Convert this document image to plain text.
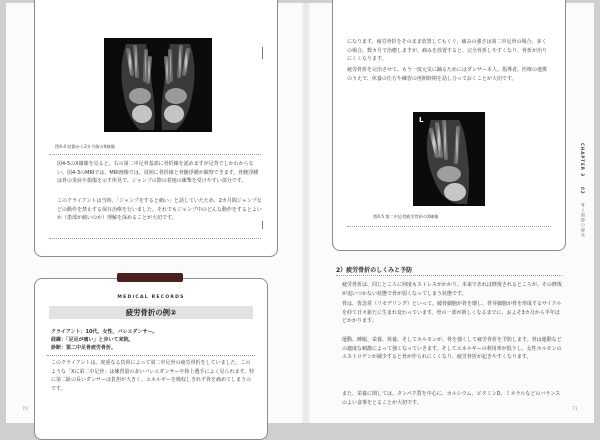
図4-4 結節から2カ月後のX線像

図4-5のX線像を見ると、右の第二中足骨基部に骨折線を認めますが足背でしかわからない。図4-3のMRIでは、MRI画像では、周囲に骨折線と骨髄浮腫が観察できます。骨髄浮腫は骨の炎症や損傷を示す所見で、ジャンプの際の着地の衝撃を受けやすい部分です。

このクライアントは当時、「ジャンプをすると痛い」と話していたため、2カ月間ジャンプなどの動作を禁止する保存治療を行いました。それでもジャンプ中のどんな動作をするとよいか（患部が痛いのか）理解を深めることが大切です。

MEDICAL RECORDS
疲労骨折の例②
クライアント：10代、女性、バレエダンサー。
経緯：「足足が痛い」と歩いて来院。
診断：第二中足骨疲労骨折。

このクライアントは、度重なる負荷によって第二中足骨の疲労骨折をしていました。このような「Xに第二中足骨」は練習量の多いバレエダンサーや陸上選手によく見られます。特に第二趾の長いダンサーは負担が大きく、エネルギーを吸収しきれず骨を痛めてしまうのです。

70

になります。疲労骨折をそのまま放置してもくぐ、痛みの強さは第二中足骨の場合、多くの場合、数カ月で治癒しますが、痛みを放置すると、完全骨折しやすくなり、骨折が治りにくくなります。

疲労骨折を完治させて、もう一度元気に踊るためにはダンサー本人、指導者、医療の連携のうえで、休養の仕方や練習の再開時期を話し合っておくことが大切です。

L
図4-5 第二中足骨疲労骨折のX線像
2）疲労骨折のしくみと予防

疲労骨折は、同じところに何度もストレスがかかり、本来であれば修復されるところが、その修復が追いつかない状態で骨が弱くなってしまう状態です。

骨は、皆念常（リモデリング）といって、破骨細胞が骨を壊し、骨芽細胞が骨を形成するサイクルを経て日々新たに生まれ変わっています。骨の一部が新しくなるまでに、およそ3カ月から半年ほどかかります。

運動、睡眠、栄養、休養、そしてホルモンが、骨を強くして疲労骨折を予防します。骨は運動などの適度な刺激によって強くなっていきます。そしてエネルギーの利用率が低下し、女性ホルモンのエストロゲンが減少すると骨が作られにくくなり、疲労骨折が起きやすくなります。

また、栄養に関しては、タンパク質を中心に、カルシウム、ビタミンD、ミネラルなどのバランスのよい食事をとることが大切です。

CHAPTER 3
02
骨と関節の障害
71
